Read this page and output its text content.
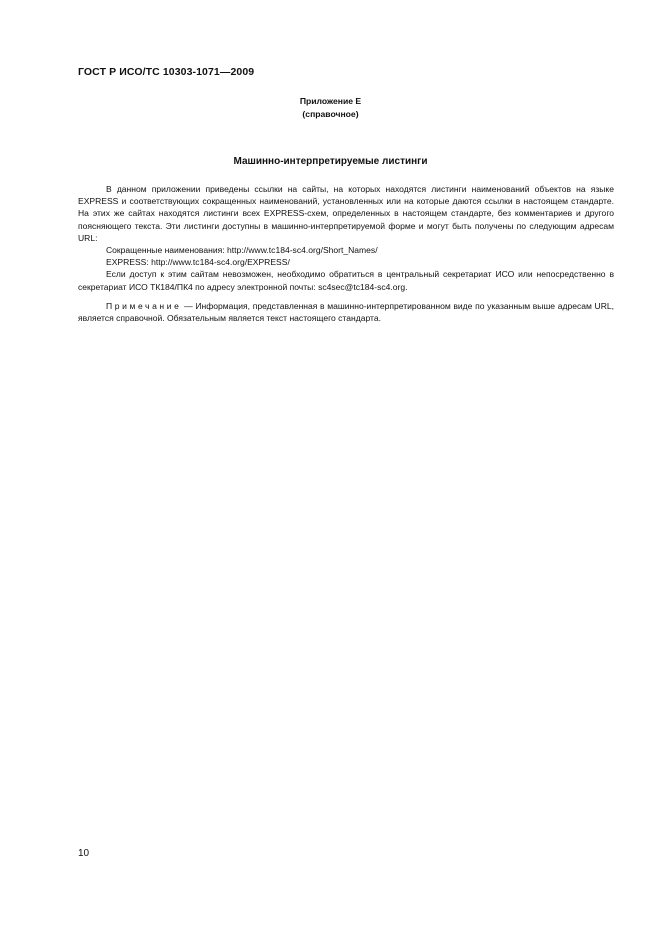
ГОСТ Р ИСО/ТС 10303-1071—2009
Приложение Е
(справочное)
Машинно-интерпретируемые листинги

В данном приложении приведены ссылки на сайты, на которых находятся листинги наименований объектов на языке EXPRESS и соответствующих сокращенных наименований, установленных или на которые даются ссылки в настоящем стандарте. На этих же сайтах находятся листинги всех EXPRESS-схем, определенных в настоящем стандарте, без комментариев и другого поясняющего текста. Эти листинги доступны в машинно-интерпретируемой форме и могут быть получены по следующим адресам URL:

Сокращенные наименования: http://www.tc184-sc4.org/Short_Names/

EXPRESS: http://www.tc184-sc4.org/EXPRESS/

Если доступ к этим сайтам невозможен, необходимо обратиться в центральный секретариат ИСО или непосредственно в секретариат ИСО ТК184/ПК4 по адресу электронной почты: sc4sec@tc184-sc4.org.

Примечание — Информация, представленная в машинно-интерпретированном виде по указанным выше адресам URL, является справочной. Обязательным является текст настоящего стандарта.

10
